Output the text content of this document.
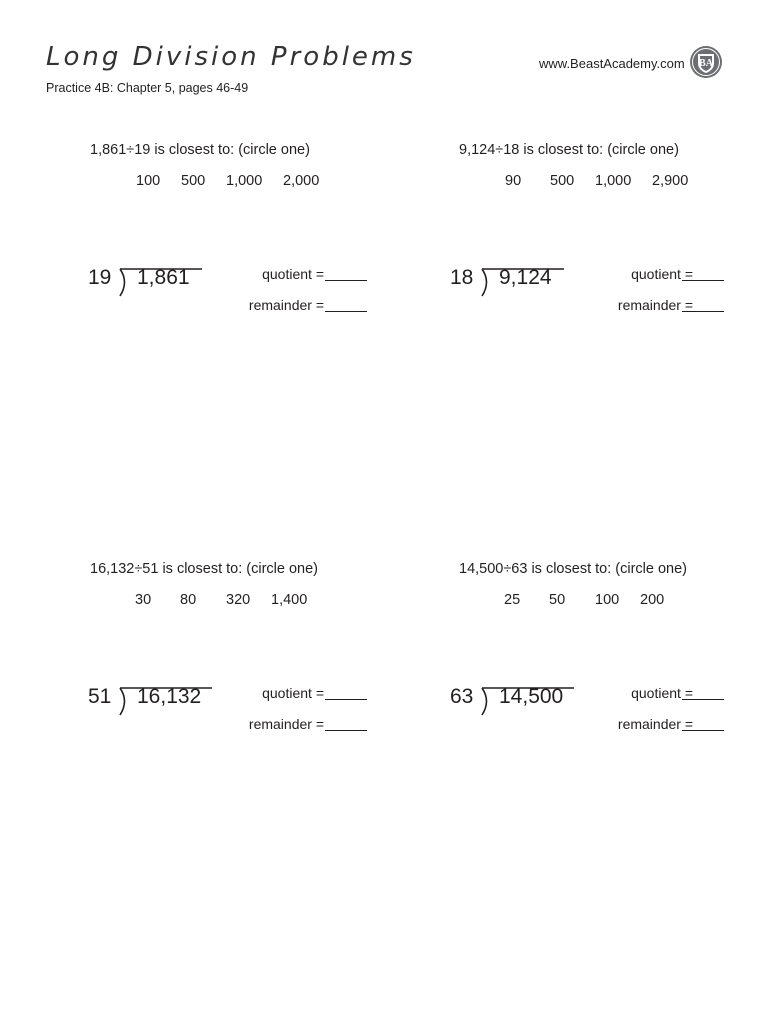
Long Division Problems
Practice 4B: Chapter 5, pages 46-49
www.BeastAcademy.com BA
1,861÷19 is closest to: (circle one)
100 500 1,000 2,000
19 1,861	quotient =
remainder =
9,124÷18 is closest to: (circle one)
90 500 1,000 2,900
18 9,124	quotient =
remainder =
16,132÷51 is closest to: (circle one)
30 80 320 1,400
51 16,132	quotient =
remainder =
14,500÷63 is closest to: (circle one)
25 50 100 200
63 14,500	quotient =
remainder =
